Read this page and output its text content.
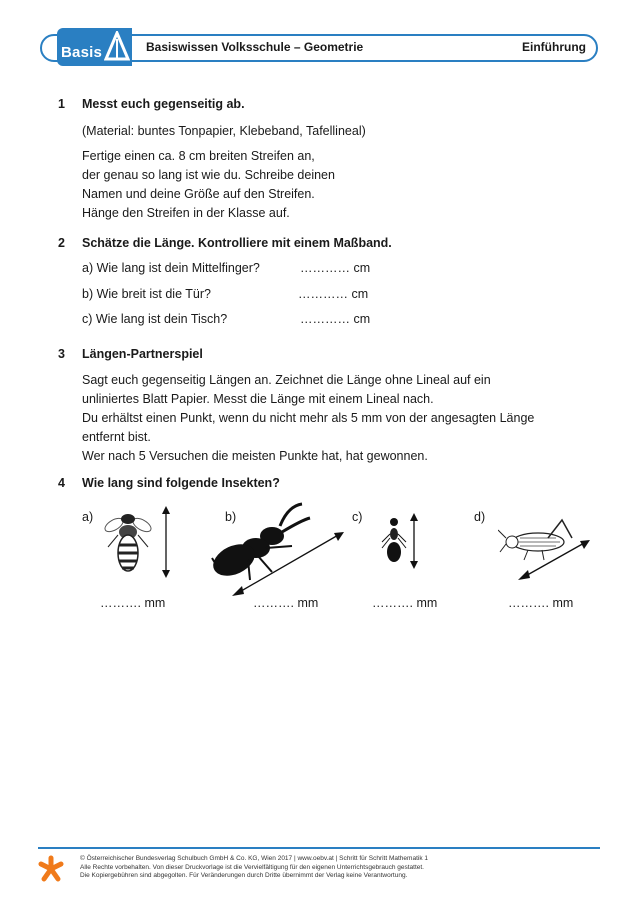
Basis	Basiswissen Volksschule – Geometrie	Einführung
1 Messt euch gegenseitig ab.
(Material: buntes Tonpapier, Klebeband, Tafellineal)
Fertige einen ca. 8 cm breiten Streifen an,
der genau so lang ist wie du. Schreibe deinen
Namen und deine Größe auf den Streifen.
Hänge den Streifen in der Klasse auf.
2 Schätze die Länge. Kontrolliere mit einem Maßband.
a) Wie lang ist dein Mittelfinger?	………… cm
b) Wie breit ist die Tür?	………… cm
c) Wie lang ist dein Tisch?	………… cm
3 Längen-Partnerspiel
Sagt euch gegenseitig Längen an. Zeichnet die Länge ohne Lineal auf ein
unliniertes Blatt Papier. Messt die Länge mit einem Lineal nach.
Du erhältst einen Punkt, wenn du nicht mehr als 5 mm von der angesagten Länge
entfernt bist.
Wer nach 5 Versuchen die meisten Punkte hat, hat gewonnen.
4 Wie lang sind folgende Insekten?
a)	b)	c)	d)
………. mm	………. mm	………. mm	………. mm
© Österreichischer Bundesverlag Schulbuch GmbH & Co. KG, Wien 2017 | www.oebv.at | Schritt für Schritt Mathematik 1
Alle Rechte vorbehalten. Von dieser Druckvorlage ist die Vervielfältigung für den eigenen Unterrichtsgebrauch gestattet.
Die Kopiergebühren sind abgegolten. Für Veränderungen durch Dritte übernimmt der Verlag keine Verantwortung.
